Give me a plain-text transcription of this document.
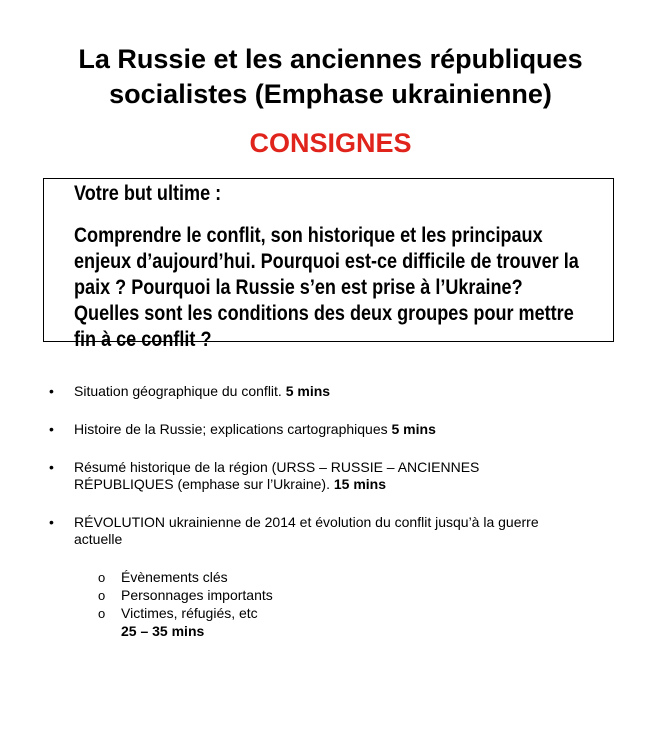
La Russie et les anciennes républiques
socialistes (Emphase ukrainienne)
CONSIGNES
Votre but ultime :
Comprendre le conflit, son historique et les principaux
enjeux d’aujourd’hui. Pourquoi est-ce difficile de trouver la
paix ? Pourquoi la Russie s’en est prise à l’Ukraine?
Quelles sont les conditions des deux groupes pour mettre
fin à ce conflit ?
• Situation géographique du conflit. 5 mins
• Histoire de la Russie; explications cartographiques 5 mins
• Résumé historique de la région (URSS – RUSSIE – ANCIENNES
RÉPUBLIQUES (emphase sur l’Ukraine). 15 mins
• RÉVOLUTION ukrainienne de 2014 et évolution du conflit jusqu’à la guerre
actuelle
o Évènements clés
o Personnages importants
o Victimes, réfugiés, etc
25 – 35 mins
